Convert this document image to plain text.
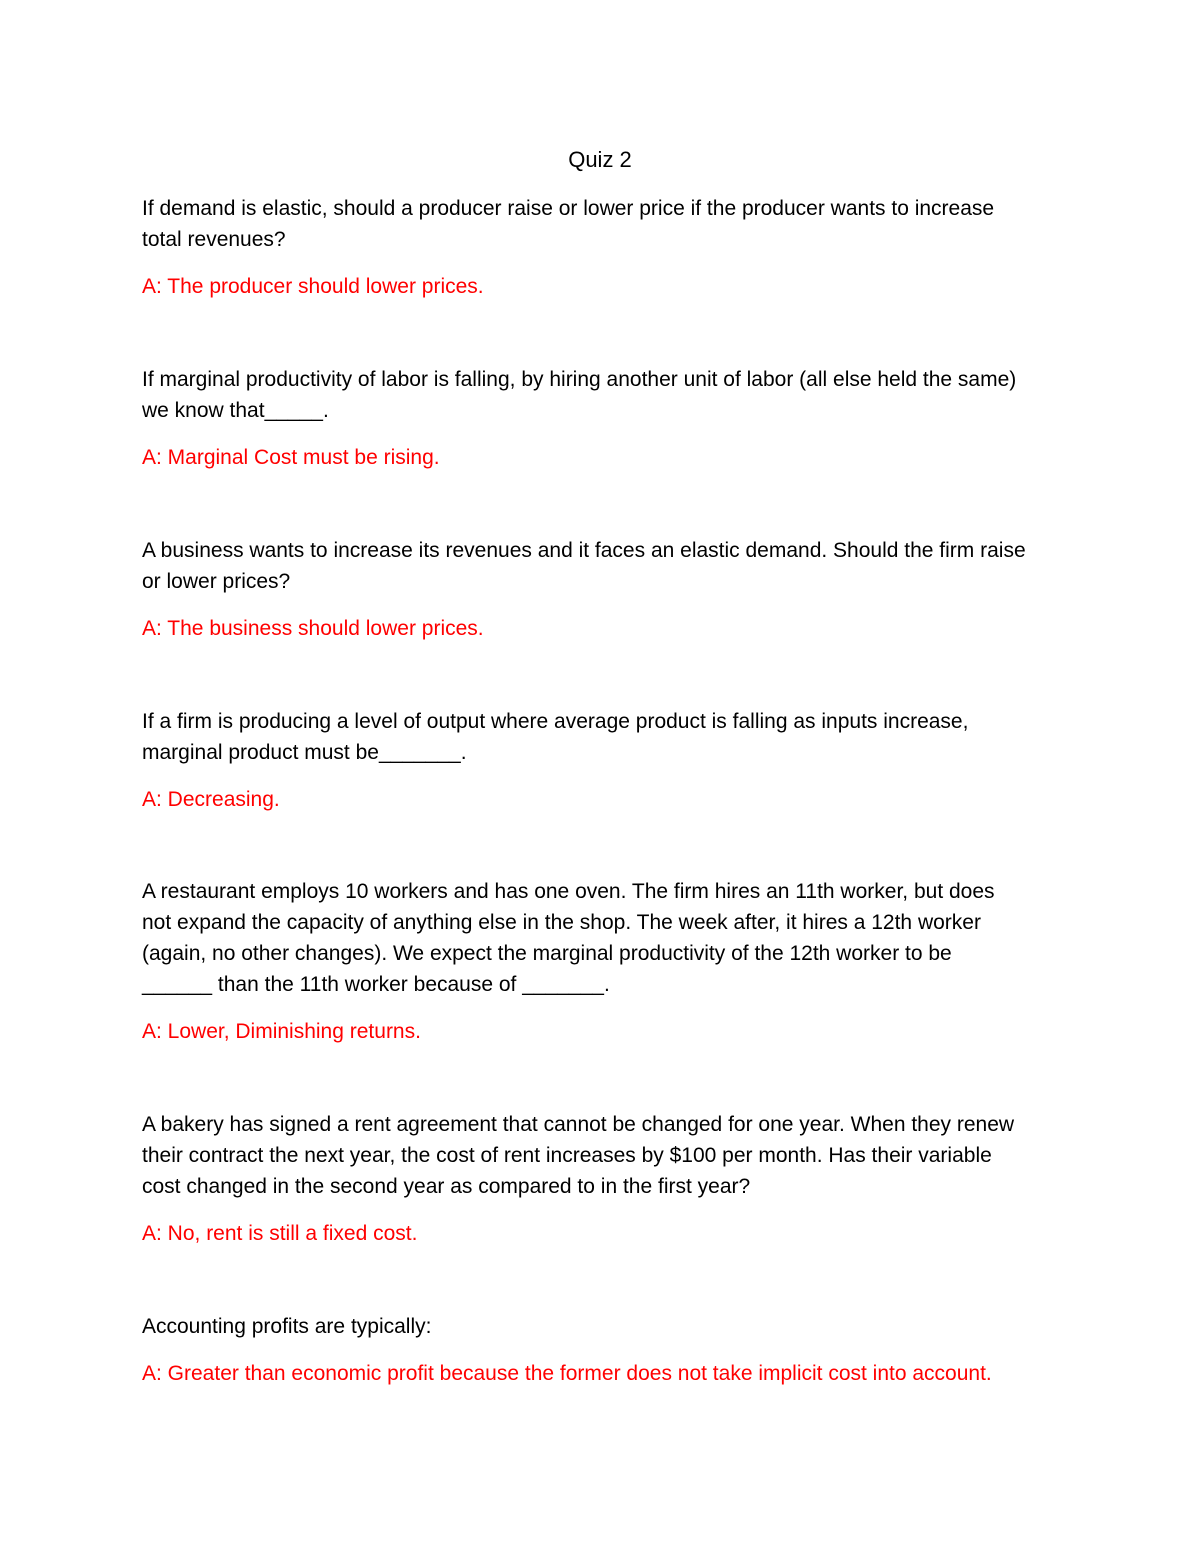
Quiz 2

If demand is elastic, should a producer raise or lower price if the producer wants to increase
total revenues?

A: The producer should lower prices.

If marginal productivity of labor is falling, by hiring another unit of labor (all else held the same)
we know that_____.

A: Marginal Cost must be rising.

A business wants to increase its revenues and it faces an elastic demand. Should the firm raise
or lower prices?

A: The business should lower prices.

If a firm is producing a level of output where average product is falling as inputs increase,
marginal product must be_______.

A: Decreasing.

A restaurant employs 10 workers and has one oven. The firm hires an 11th worker, but does
not expand the capacity of anything else in the shop. The week after, it hires a 12th worker
(again, no other changes). We expect the marginal productivity of the 12th worker to be
______ than the 11th worker because of _______.

A: Lower, Diminishing returns.

A bakery has signed a rent agreement that cannot be changed for one year. When they renew
their contract the next year, the cost of rent increases by $100 per month. Has their variable
cost changed in the second year as compared to in the first year?

A: No, rent is still a fixed cost.

Accounting profits are typically:

A: Greater than economic profit because the former does not take implicit cost into account.
